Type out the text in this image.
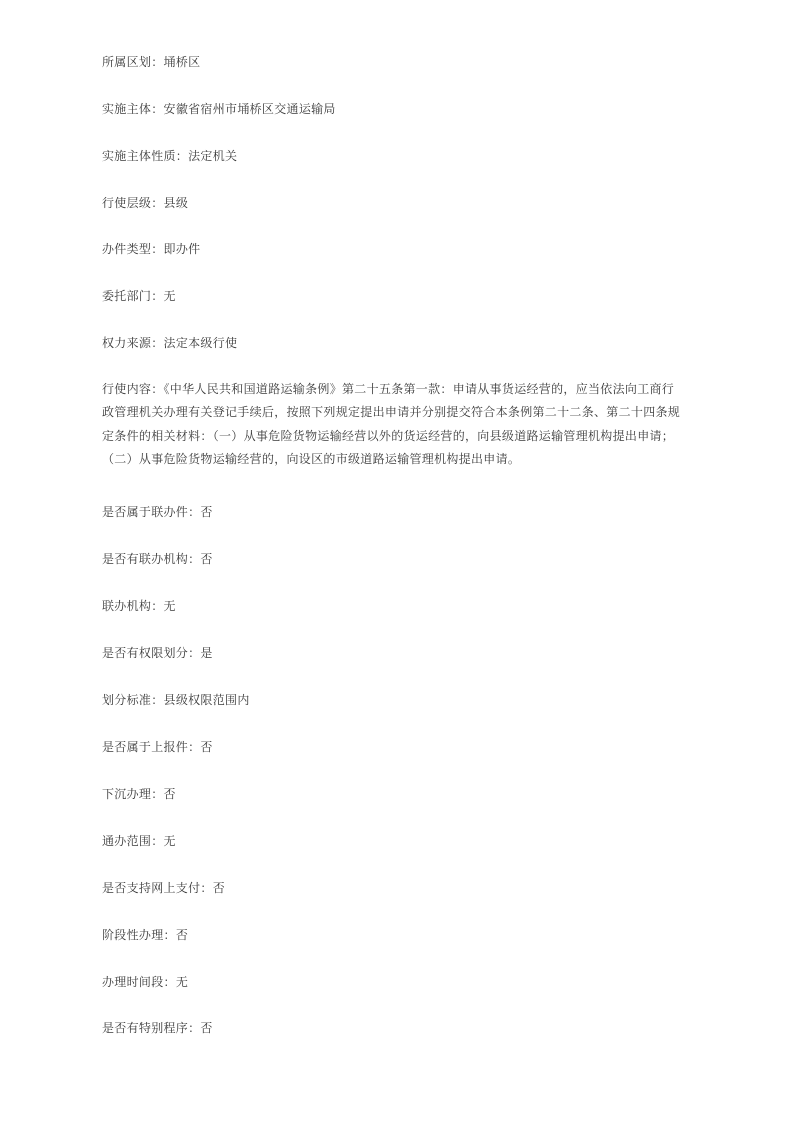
所属区划：埇桥区
实施主体：安徽省宿州市埇桥区交通运输局
实施主体性质：法定机关
行使层级：县级
办件类型：即办件
委托部门：无
权力来源：法定本级行使
行使内容：《中华人民共和国道路运输条例》第二十五条第一款：申请从事货运经营的，应当依法向工商行
政管理机关办理有关登记手续后，按照下列规定提出申请并分别提交符合本条例第二十二条、第二十四条规
定条件的相关材料：（一）从事危险货物运输经营以外的货运经营的，向县级道路运输管理机构提出申请；
（二）从事危险货物运输经营的，向设区的市级道路运输管理机构提出申请。
是否属于联办件：否
是否有联办机构：否
联办机构：无
是否有权限划分：是
划分标准：县级权限范围内
是否属于上报件：否
下沉办理：否
通办范围：无
是否支持网上支付：否
阶段性办理：否
办理时间段：无
是否有特别程序：否
